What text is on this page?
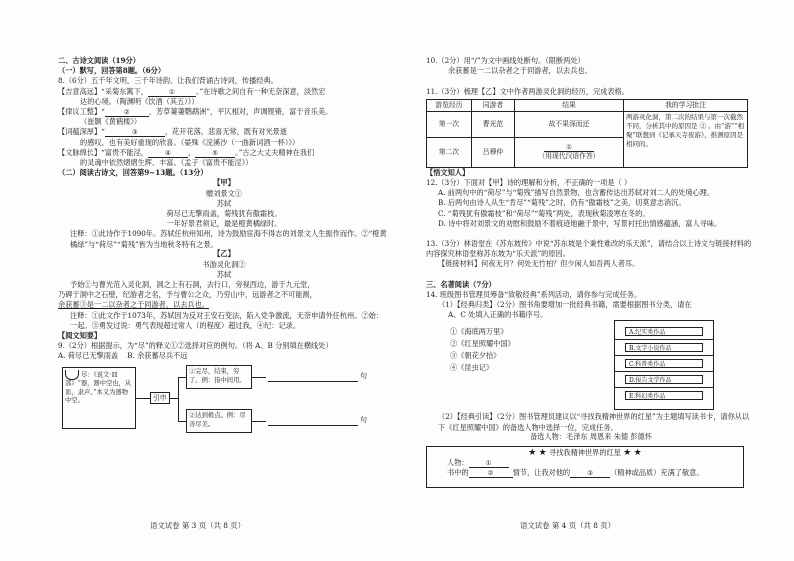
二、古诗文阅读（19分）
（一）默写，回答第8题。（6分）
8.（6分）五千年文明，三千年诗韵。让我们背诵古诗词，传播经典。
【吉意高远】“采菊东篱下，	①	。”在诗歌之间自有一种无奈深意，淡然宏
达的心境。（陶渊明《饮酒（其五）》）
【律议工整】“	②	，芳草萋萋鹦鹉洲”，平仄相对，声调铿锵，富于音乐美。
（崔颢《黄鹤楼》）
【词蕴深厚】“	③	，花开花落，悲喜无常，既有对光景逝
的感叹，也有美好重现的欣喜。（晏殊《浣溪沙（一曲新词酒一杯）》）
【文脉绵长】“富贵不能淫，	④ ，	⑤ 。”古之大丈夫精神在我们
的灵魂中依然熠熠生辉、丰富。（孟子《富贵不能淫》）
（二）阅读古诗文，回答第9~13题。（13分）
【甲】
赠刘景文①
苏轼
荷尽已无擎雨盖，菊残犹有傲霜枝。
一年好景君须记，最是橙黄橘绿时。
注释：①此诗作于1090年。苏轼任杭州知州，诗为鼓励宦海不得志的刘景文人生振作而作。②“橙黄橘绿”与“荷尽”“菊残”皆为当地秋冬特有之景。
【乙】
书游灵化洞②
苏轼
予始①与曹光范入灵化洞，洞之上有石洞，去行口，旁视西边，游于九元堂，
乃碑于洞中之石壁，纪游者之名，予与曹公之众，乃穷山中，远游者之不可能测，
余获蓄③是一二以杂者之于同游者，以去兵也。
注释：①此文作于1073年，苏轼因为反对王安石变法，陷入党争激流，无奈申请外任杭州。②始：一起。③勇发过说：勇气表现超过常人（的程度）超过我，④纪：记录。
【阅文知要】
9.（2分）根据提示，为“尽”的释义①②选择对应的例句。（将 A、B 分别填在横线处）
A. 荷尽已无擎雨盖 B. 余获蓄尽兵不远
尽：《说文·皿部》“器，器中空也，从皿，隶声。”本义为器物中空。	引申
①完尽，结束，穷了。例：指中间用。
②达到极点。例：尽善尽美。
句
句
语文试卷 第 3 页（共 8 页）
10.（2分）用“/”为文中画线处断句。（限断两处）
余获蓄是一二以杂者之于同游者，以去兵也。

11.（3分）梳理【乙】文中作者两游灵化洞的经历，完成表格。
游览经历	同游者	结果	我的学习批注
第一次	曹光范	故不果深而还	两游灵化洞，第二次的结果与第一次截然不同，分析其中的原因是 ② 。由“游”“相聚”联想到《记承天寺夜游》，推测原因是相同的。
第二次	吕穆仲	①
（用现代汉语作答）	
【悟文知人】
12.（3分）下面对【甲】诗的理解和分析，不正确的一项是（ ）
A. 前两句中的“荷尽”与“菊残”描写自然景物，也含蓄传达出苏轼对刘二人的处境心理。
B. 后两句由诗人从生“肯尽”“菊残”之时，仍有“傲霜枝”之美，切莫意志消沉。
C. “菊残犹有傲霜枝”和“荷尽”“菊残”两处，表现秋菊凌寒在冬的。
D. 诗中将对刘景文的劝慰和鼓励不着痕迹地融于景中，写景衬托出情感蕴涵，富人寻味。

13.（3分）林语堂在《苏东坡传》中说“苏东坡是个秉性难改的乐天派”，请结合以上诗文与链接材料的内容探究林语堂称苏东坡为“乐天派”的原因。
【链接材料】何夜无月？何处无竹柏？但少闲人如吾两人者耳。

三、名著阅读（7分）
14. 班级图书管理员筹备“致敬经典”系列活动，请你参与完成任务。
（1）【经典归类】（2分）图书角要增加一批经典书籍，需要根据图书分类，请在
A、C 处填入正确的书籍序号。
①《海底两万里》
②《红星照耀中国》
③《朝花夕拾》
④《昆虫记》
A.纪实类作品
B.文学小说作品
C.科普类作品
D.报告文学作品
E.科幻类作品
（2）【经典引读】（2分）图书管理员建议以“寻找我精神世界的红星”为主题填写读书卡，请你从以下《红星照耀中国》的备选人物中选择一位，完成任务。
备选人物：毛泽东 周恩来 朱德 彭德怀
★ ★ 寻找我精神世界的红星 ★ ★
人物：	①
书中的	②	情节，让我对他的	③ （精神或品质）充满了敬意。
语文试卷 第 4 页（共 8 页）
